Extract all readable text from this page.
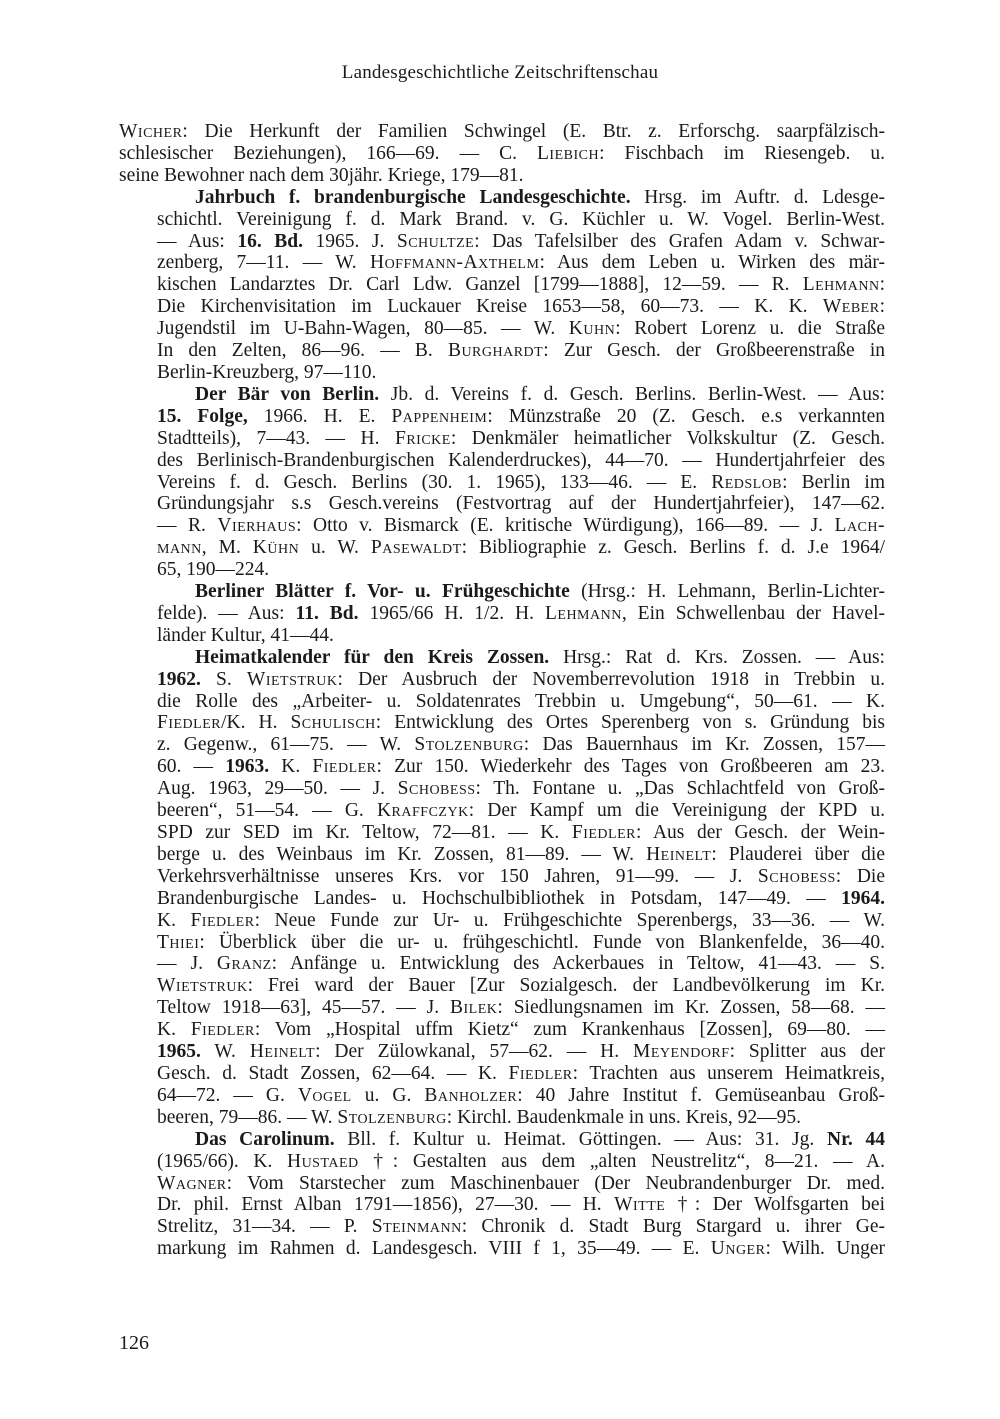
Landesgeschichtliche Zeitschriftenschau
Wicher: Die Herkunft der Familien Schwingel (E. Btr. z. Erforschg. saarpfälzisch-
schlesischer Beziehungen), 166—69. — C. Liebich: Fischbach im Riesengeb. u.
seine Bewohner nach dem 30jähr. Kriege, 179—81.
Jahrbuch f. brandenburgische Landesgeschichte. Hrsg. im Auftr. d. Ldesge-
schichtl. Vereinigung f. d. Mark Brand. v. G. Küchler u. W. Vogel. Berlin-West.
— Aus: 16. Bd. 1965. J. Schultze: Das Tafelsilber des Grafen Adam v. Schwar-
zenberg, 7—11. — W. Hoffmann-Axthelm: Aus dem Leben u. Wirken des mär-
kischen Landarztes Dr. Carl Ldw. Ganzel [1799—1888], 12—59. — R. Lehmann:
Die Kirchenvisitation im Luckauer Kreise 1653—58, 60—73. — K. K. Weber:
Jugendstil im U-Bahn-Wagen, 80—85. — W. Kuhn: Robert Lorenz u. die Straße
In den Zelten, 86—96. — B. Burghardt: Zur Gesch. der Großbeerenstraße in
Berlin-Kreuzberg, 97—110.
Der Bär von Berlin. Jb. d. Vereins f. d. Gesch. Berlins. Berlin-West. — Aus:
15. Folge, 1966. H. E. Pappenheim: Münzstraße 20 (Z. Gesch. e.s verkannten
Stadtteils), 7—43. — H. Fricke: Denkmäler heimatlicher Volkskultur (Z. Gesch.
des Berlinisch-Brandenburgischen Kalenderdruckes), 44—70. — Hundertjahrfeier des
Vereins f. d. Gesch. Berlins (30. 1. 1965), 133—46. — E. Redslob: Berlin im
Gründungsjahr s.s Gesch.vereins (Festvortrag auf der Hundertjahrfeier), 147—62.
— R. Vierhaus: Otto v. Bismarck (E. kritische Würdigung), 166—89. — J. Lach-
mann, M. Kühn u. W. Pasewaldt: Bibliographie z. Gesch. Berlins f. d. J.e 1964/
65, 190—224.
Berliner Blätter f. Vor- u. Frühgeschichte (Hrsg.: H. Lehmann, Berlin-Lichter-
felde). — Aus: 11. Bd. 1965/66 H. 1/2. H. Lehmann, Ein Schwellenbau der Havel-
länder Kultur, 41—44.
Heimatkalender für den Kreis Zossen. Hrsg.: Rat d. Krs. Zossen. — Aus:
1962. S. Wietstruk: Der Ausbruch der Novemberrevolution 1918 in Trebbin u.
die Rolle des „Arbeiter- u. Soldatenrates Trebbin u. Umgebung“, 50—61. — K.
Fiedler/K. H. Schulisch: Entwicklung des Ortes Sperenberg von s. Gründung bis
z. Gegenw., 61—75. — W. Stolzenburg: Das Bauernhaus im Kr. Zossen, 157—
60. — 1963. K. Fiedler: Zur 150. Wiederkehr des Tages von Großbeeren am 23.
Aug. 1963, 29—50. — J. Schobess: Th. Fontane u. „Das Schlachtfeld von Groß-
beeren“, 51—54. — G. Kraffczyk: Der Kampf um die Vereinigung der KPD u.
SPD zur SED im Kr. Teltow, 72—81. — K. Fiedler: Aus der Gesch. der Wein-
berge u. des Weinbaus im Kr. Zossen, 81—89. — W. Heinelt: Plauderei über die
Verkehrsverhältnisse unseres Krs. vor 150 Jahren, 91—99. — J. Schobess: Die
Brandenburgische Landes- u. Hochschulbibliothek in Potsdam, 147—49. — 1964.
K. Fiedler: Neue Funde zur Ur- u. Frühgeschichte Sperenbergs, 33—36. — W.
Thiei: Überblick über die ur- u. frühgeschichtl. Funde von Blankenfelde, 36—40.
— J. Granz: Anfänge u. Entwicklung des Ackerbaues in Teltow, 41—43. — S.
Wietstruk: Frei ward der Bauer [Zur Sozialgesch. der Landbevölkerung im Kr.
Teltow 1918—63], 45—57. — J. Bilek: Siedlungsnamen im Kr. Zossen, 58—68. —
K. Fiedler: Vom „Hospital uffm Kietz“ zum Krankenhaus [Zossen], 69—80. —
1965. W. Heinelt: Der Zülowkanal, 57—62. — H. Meyendorf: Splitter aus der
Gesch. d. Stadt Zossen, 62—64. — K. Fiedler: Trachten aus unserem Heimatkreis,
64—72. — G. Vogel u. G. Banholzer: 40 Jahre Institut f. Gemüseanbau Groß-
beeren, 79—86. — W. Stolzenburg: Kirchl. Baudenkmale in uns. Kreis, 92—95.
Das Carolinum. Bll. f. Kultur u. Heimat. Göttingen. — Aus: 31. Jg. Nr. 44
(1965/66). K. Hustaed †: Gestalten aus dem „alten Neustrelitz“, 8—21. — A.
Wagner: Vom Starstecher zum Maschinenbauer (Der Neubrandenburger Dr. med.
Dr. phil. Ernst Alban 1791—1856), 27—30. — H. Witte †: Der Wolfsgarten bei
Strelitz, 31—34. — P. Steinmann: Chronik d. Stadt Burg Stargard u. ihrer Ge-
markung im Rahmen d. Landesgesch. VIII f 1, 35—49. — E. Unger: Wilh. Unger
126
